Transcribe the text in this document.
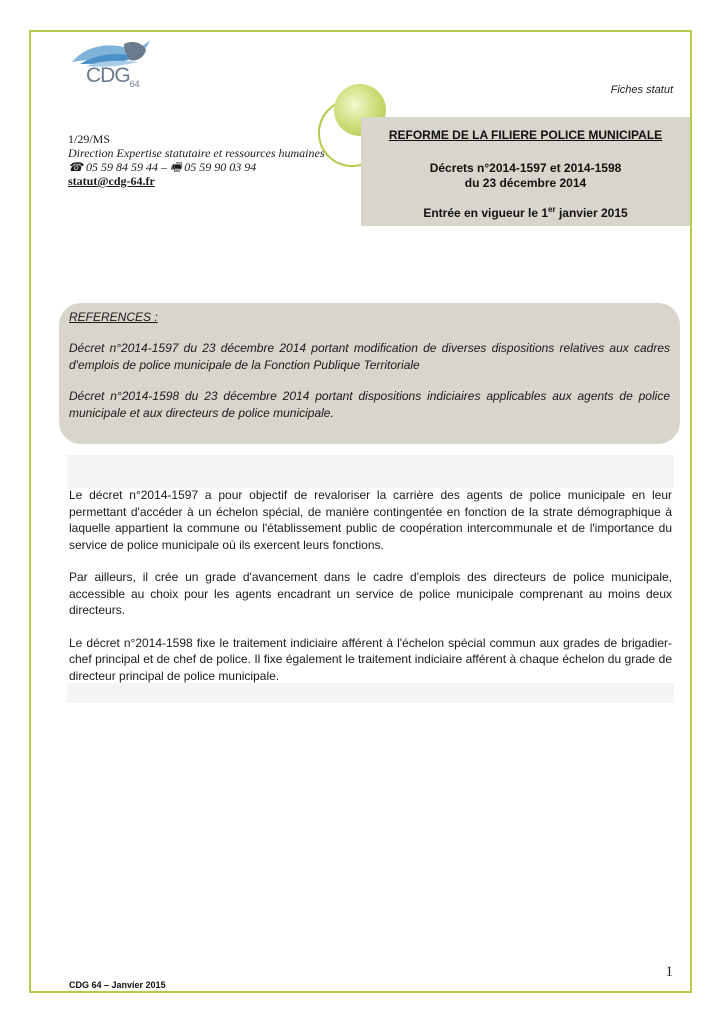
$CDG_{64}$	Fiches statut
1/29/MS
Direction Expertise statutaire et ressources humaines
☎ 05 59 84 59 44 – 🖷 05 59 90 03 94
statut@cdg-64.fr
REFORME DE LA FILIERE POLICE MUNICIPALE
Décrets n°2014-1597 et 2014-1598
du 23 décembre 2014
Entrée en vigueur le 1er janvier 2015

REFERENCES :

Décret n°2014-1597 du 23 décembre 2014 portant modification de diverses dispositions relatives aux cadres d'emplois de police municipale de la Fonction Publique Territoriale

Décret n°2014-1598 du 23 décembre 2014 portant dispositions indiciaires applicables aux agents de police municipale et aux directeurs de police municipale.

Le décret n°2014-1597 a pour objectif de revaloriser la carrière des agents de police municipale en leur permettant d'accéder à un échelon spécial, de manière contingentée en fonction de la strate démographique à laquelle appartient la commune ou l'établissement public de coopération intercommunale et de l'importance du service de police municipale où ils exercent leurs fonctions.

Par ailleurs, il crée un grade d'avancement dans le cadre d'emplois des directeurs de police municipale, accessible au choix pour les agents encadrant un service de police municipale comprenant au moins deux directeurs.

Le décret n°2014-1598 fixe le traitement indiciaire afférent à l'échelon spécial commun aux grades de brigadier-chef principal et de chef de police. Il fixe également le traitement indiciaire afférent à chaque échelon du grade de directeur principal de police municipale.

1
CDG 64 – Janvier 2015
